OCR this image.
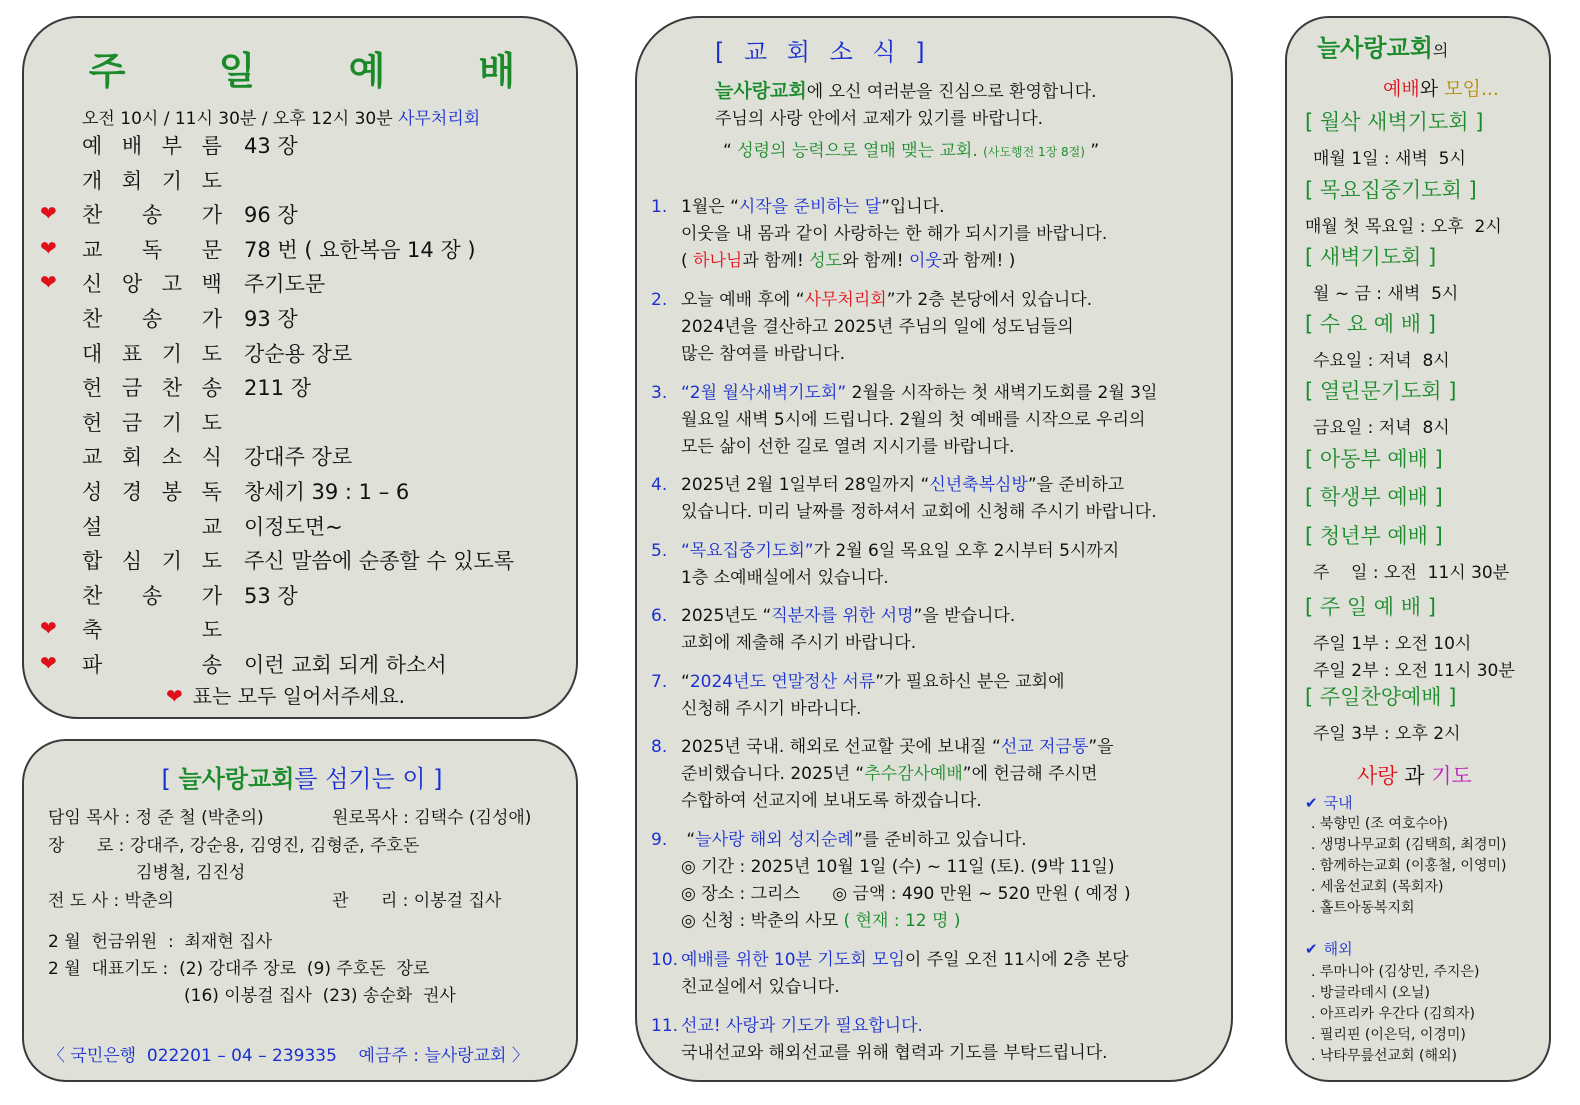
주 일 예 배
오전 10시 / 11시 30분 / 오후 12시 30분 사무처리회
예 배 부 름 43 장
개 회 기 도
❤ 찬 송 가 96 장
❤ 교 독 문 78 번 ( 요한복음 14 장 )
❤ 신 앙 고 백 주기도문
찬 송 가 93 장
대 표 기 도 강순용 장로
헌 금 찬 송 211 장
헌 금 기 도
교 회 소 식 강대주 장로
성 경 봉 독 창세기 39 : 1 – 6
설	교 이정도면~
합 심 기 도 주신 말씀에 순종할 수 있도록
찬 송 가 53 장
❤ 축	도
❤ 파	송 이런 교회 되게 하소서
❤ 표는 모두 일어서주세요.
[ 늘사랑교회를 섬기는 이 ]
담임 목사 : 정 준 철 (박춘의)	원로목사 : 김택수 (김성애)
장      로 : 강대주, 강순용, 김영진, 김형준, 주호돈
김병철, 김진성
전 도 사 : 박춘의	관      리 : 이봉걸 집사
2 월  헌금위원  :  최재현 집사
2 월  대표기도 :  (2) 강대주 장로  (9) 주호돈  장로
(16) 이봉걸 집사  (23) 송순화  권사
〈 국민은행  022201 – 04 – 239335    예금주 : 늘사랑교회 〉
[ 교 회 소 식 ]
늘사랑교회에 오신 여러분을 진심으로 환영합니다.
주님의 사랑 안에서 교제가 있기를 바랍니다.
“ 성령의 능력으로 열매 맺는 교회. (사도행전 1장 8절) ”
1. 1월은 “시작을 준비하는 달”입니다.
이웃을 내 몸과 같이 사랑하는 한 해가 되시기를 바랍니다.
( 하나님과 함께! 성도와 함께! 이웃과 함께! )
2. 오늘 예배 후에 “사무처리회”가 2층 본당에서 있습니다.
2024년을 결산하고 2025년 주님의 일에 성도님들의
많은 참여를 바랍니다.
3. “2월 월삭새벽기도회” 2월을 시작하는 첫 새벽기도회를 2월 3일
월요일 새벽 5시에 드립니다. 2월의 첫 예배를 시작으로 우리의
모든 삶이 선한 길로 열려 지시기를 바랍니다.
4. 2025년 2월 1일부터 28일까지 “신년축복심방”을 준비하고
있습니다. 미리 날짜를 정하셔서 교회에 신청해 주시기 바랍니다.
5. “목요집중기도회”가 2월 6일 목요일 오후 2시부터 5시까지
1층 소예배실에서 있습니다.
6. 2025년도 “직분자를 위한 서명”을 받습니다.
교회에 제출해 주시기 바랍니다.
7. “2024년도 연말정산 서류”가 필요하신 분은 교회에
신청해 주시기 바라니다.
8. 2025년 국내. 해외로 선교할 곳에 보내질 “선교 저금통”을
준비했습니다. 2025년 “추수감사예배”에 헌금해 주시면
수합하여 선교지에 보내도록 하겠습니다.
9. “늘사랑 해외 성지순례”를 준비하고 있습니다.
◎ 기간 : 2025년 10월 1일 (수) ~ 11일 (토). (9박 11일)
◎ 장소 : 그리스      ◎ 금액 : 490 만원 ~ 520 만원 ( 예정 )
◎ 신청 : 박춘의 사모 ( 현재 : 12 명 )
10. 예배를 위한 10분 기도회 모임이 주일 오전 11시에 2층 본당
친교실에서 있습니다.
11. 선교! 사랑과 기도가 필요합니다.
국내선교와 해외선교를 위해 협력과 기도를 부탁드립니다.
늘사랑교회의
예배와 모임...
[ 월삭 새벽기도회 ]
매월 1일 : 새벽  5시
[ 목요집중기도회 ]
매월 첫 목요일 : 오후  2시
[ 새벽기도회 ]
월 ~ 금 : 새벽  5시
[ 수 요 예 배 ]
수요일 : 저녁  8시
[ 열린문기도회 ]
금요일 : 저녁  8시
[ 아동부 예배 ]
[ 학생부 예배 ]
[ 청년부 예배 ]
주    일 : 오전  11시 30분
[ 주 일 예 배 ]
주일 1부 : 오전 10시
주일 2부 : 오전 11시 30분
[ 주일찬양예배 ]
주일 3부 : 오후 2시
사랑 과 기도
✔ 국내
. 북향민 (조 여호수아)
. 생명나무교회 (김택희, 최경미)
. 함께하는교회 (이홍철, 이영미)
. 세움선교회 (목회자)
. 홀트아동복지회
✔ 해외
. 루마니아 (김상민, 주지은)
. 방글라데시 (오닐)
. 아프리카 우간다 (김희자)
. 필리핀 (이은덕, 이경미)
. 낙타무릎선교회 (해외)
